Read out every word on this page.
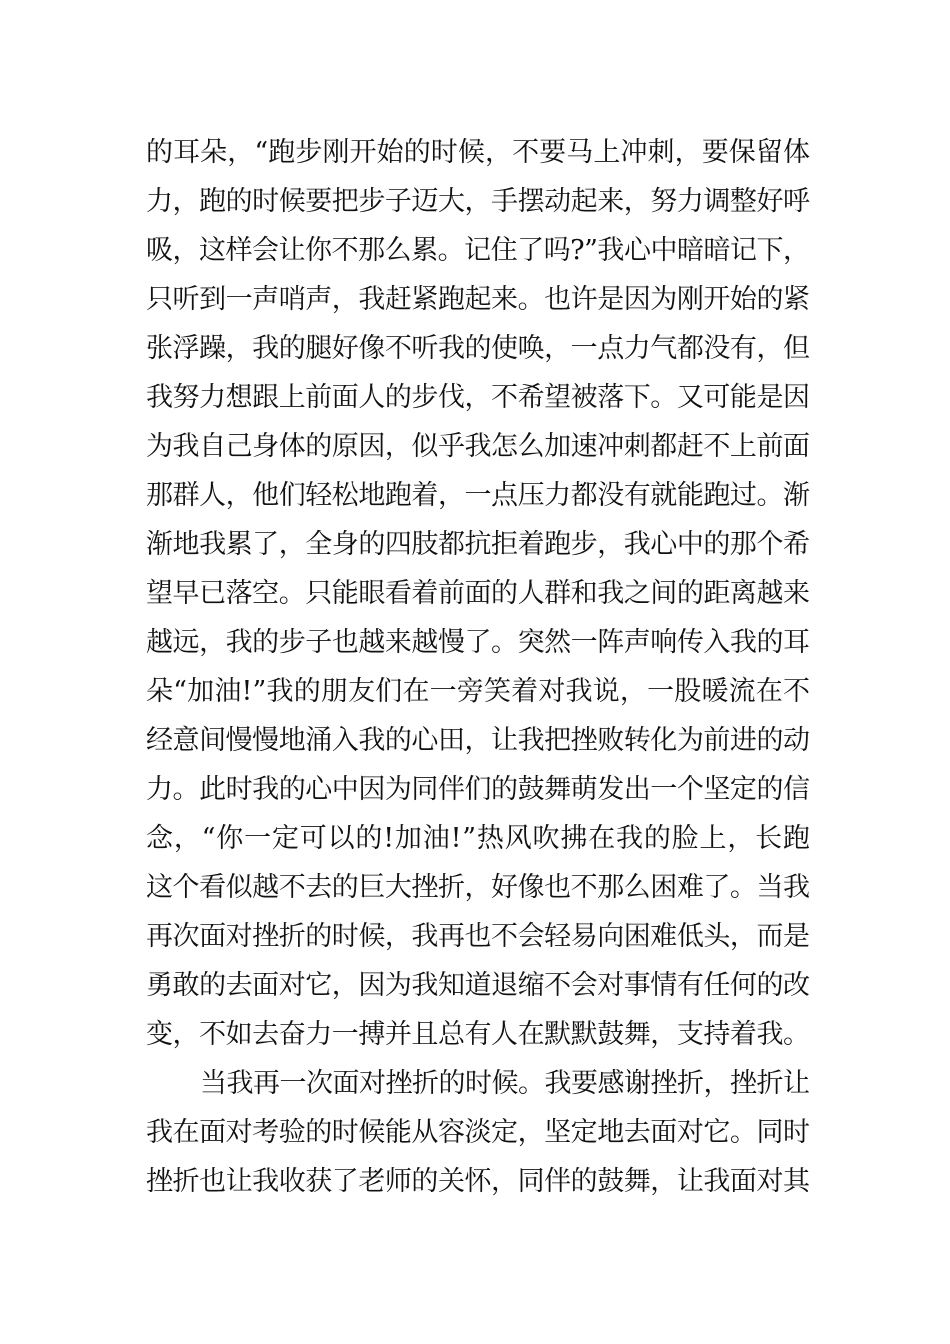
的耳朵，“跑步刚开始的时候，不要马上冲刺，要保留体
力，跑的时候要把步子迈大，手摆动起来，努力调整好呼
吸，这样会让你不那么累。记住了吗?”我心中暗暗记下，
只听到一声哨声，我赶紧跑起来。也许是因为刚开始的紧
张浮躁，我的腿好像不听我的使唤，一点力气都没有，但
我努力想跟上前面人的步伐，不希望被落下。又可能是因
为我自己身体的原因，似乎我怎么加速冲刺都赶不上前面
那群人，他们轻松地跑着，一点压力都没有就能跑过。渐
渐地我累了，全身的四肢都抗拒着跑步，我心中的那个希
望早已落空。只能眼看着前面的人群和我之间的距离越来
越远，我的步子也越来越慢了。突然一阵声响传入我的耳
朵“加油!”我的朋友们在一旁笑着对我说，一股暖流在不
经意间慢慢地涌入我的心田，让我把挫败转化为前进的动
力。此时我的心中因为同伴们的鼓舞萌发出一个坚定的信
念，“你一定可以的!加油!”热风吹拂在我的脸上，长跑
这个看似越不去的巨大挫折，好像也不那么困难了。当我
再次面对挫折的时候，我再也不会轻易向困难低头，而是
勇敢的去面对它，因为我知道退缩不会对事情有任何的改
变，不如去奋力一搏并且总有人在默默鼓舞，支持着我。
当我再一次面对挫折的时候。我要感谢挫折，挫折让
我在面对考验的时候能从容淡定，坚定地去面对它。同时
挫折也让我收获了老师的关怀，同伴的鼓舞，让我面对其
